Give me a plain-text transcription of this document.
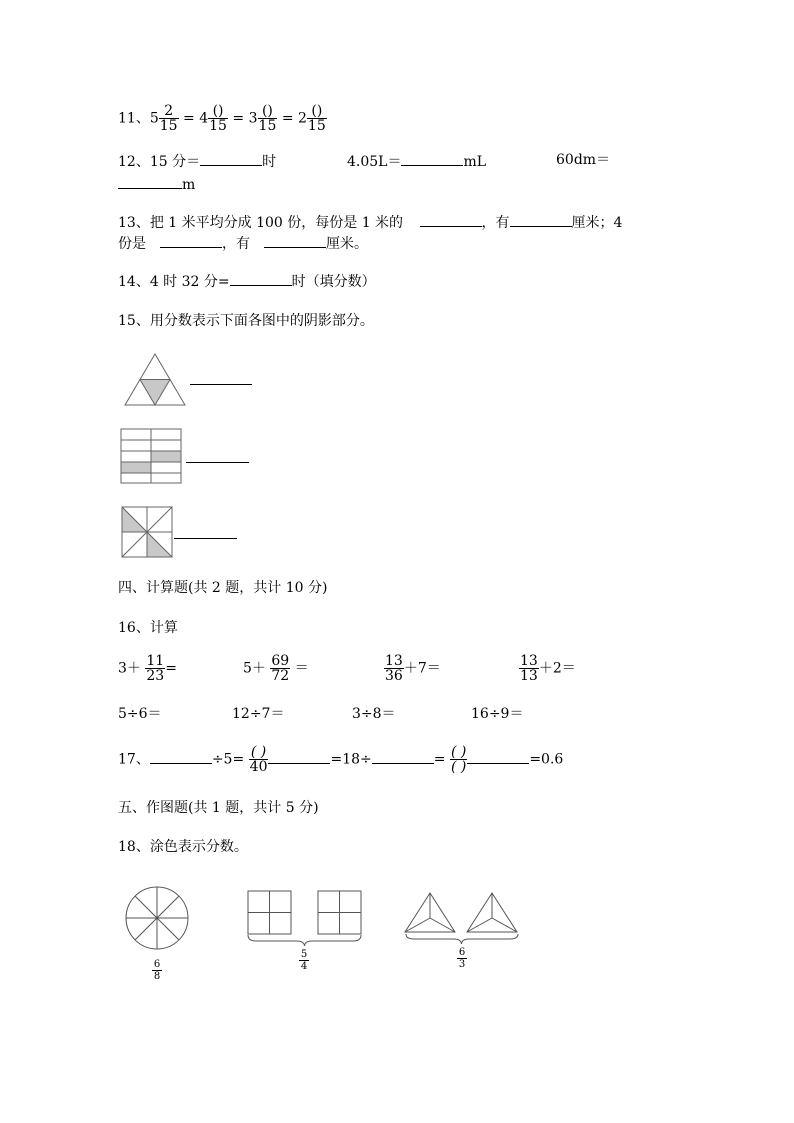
11、$5 \frac{2}{15} = 4 \frac{()}{15} = 3 \frac{()}{15} = 2 \frac{()}{15}$
12、15 分＝	时	4.05L＝	mL	60dm＝
m
13、把 1 米平均分成 100 份，每份是 1 米的	，有	厘米；4
份是	，有	厘米。
14、4 时 32 分=	时（填分数）
15、用分数表示下面各图中的阴影部分。
四、计算题(共 2 题，共计 10 分)
16、计算
$3+ \frac{11}{23}$ =	$5+ \frac{69}{72}$ ＝	$\frac{13}{36} +7=$	$\frac{13}{13} +2=$
5÷6＝	12÷7＝	3÷8＝	16÷9＝
17、	$\div 5= \frac{( )}{40}$	=18÷	= $\frac{( )}{( )}$	=0.6
五、作图题(共 1 题，共计 5 分)
18、涂色表示分数。
$\frac{6}{8}$	$\frac{5}{4}$	$\frac{6}{3}$
